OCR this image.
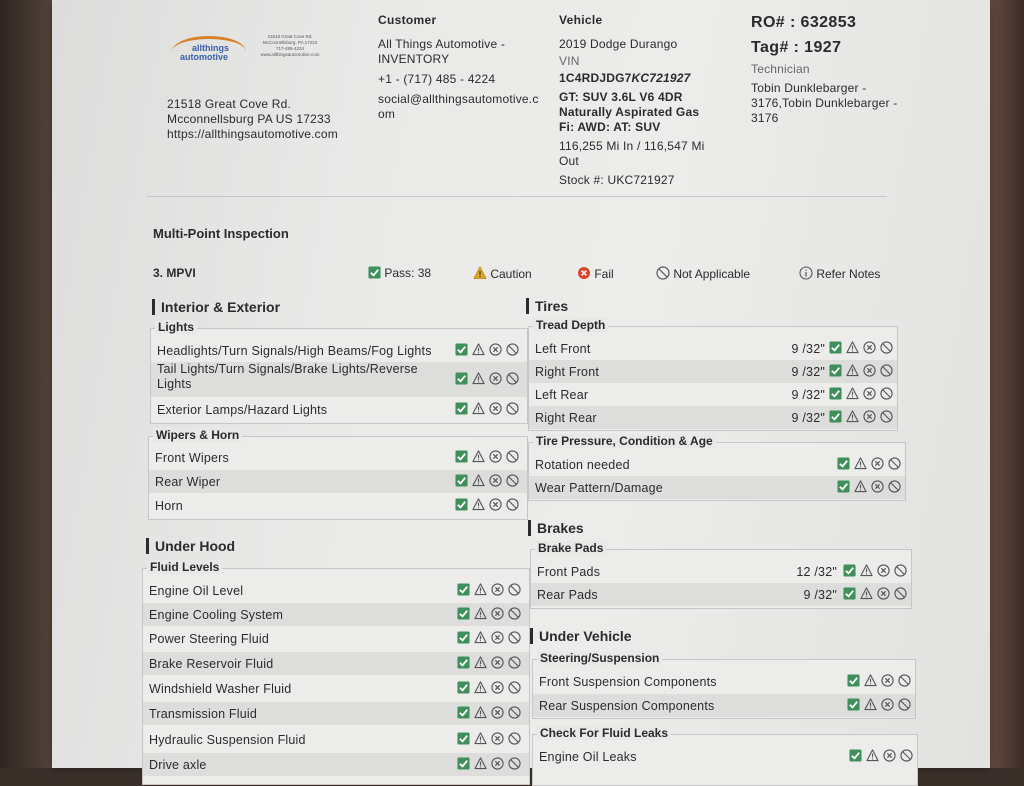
allthings
automotive
21518 Great Cove Rd.
McConnellsburg, PA 17233
717-485-4224
www.allthingsautomotive.com
21518 Great Cove Rd.
Mcconnellsburg PA US 17233
https://allthingsautomotive.com
Customer
All Things Automotive -
INVENTORY
+1 - (717) 485 - 4224
social@allthingsautomotive.c
om
Vehicle
2019 Dodge Durango
VIN
1C4RDJDG7KC721927
GT: SUV 3.6L V6 4DR
Naturally Aspirated Gas
Fi: AWD: AT: SUV
116,255 Mi In / 116,547 Mi
Out
Stock #: UKC721927
RO# : 632853
Tag# : 1927
Technician
Tobin Dunklebarger -
3176,Tobin Dunklebarger -
3176
Multi-Point Inspection
3. MPVI	Pass: 38	Caution	Fail	Not Applicable	Refer Notes
Interior & Exterior
Lights
Headlights/Turn Signals/High Beams/Fog Lights
Tail Lights/Turn Signals/Brake Lights/Reverse
Lights
Exterior Lamps/Hazard Lights
Wipers & Horn
Front Wipers
Rear Wiper
Horn
Under Hood
Fluid Levels
Engine Oil Level
Engine Cooling System
Power Steering Fluid
Brake Reservoir Fluid
Windshield Washer Fluid
Transmission Fluid
Hydraulic Suspension Fluid
Drive axle
Tires
Tread Depth
Left Front	9 /32"
Right Front	9 /32"
Left Rear	9 /32"
Right Rear	9 /32"
Tire Pressure, Condition & Age
Rotation needed
Wear Pattern/Damage
Brakes
Brake Pads
Front Pads	12 /32"
Rear Pads	9 /32"
Under Vehicle
Steering/Suspension
Front Suspension Components
Rear Suspension Components
Check For Fluid Leaks
Engine Oil Leaks
